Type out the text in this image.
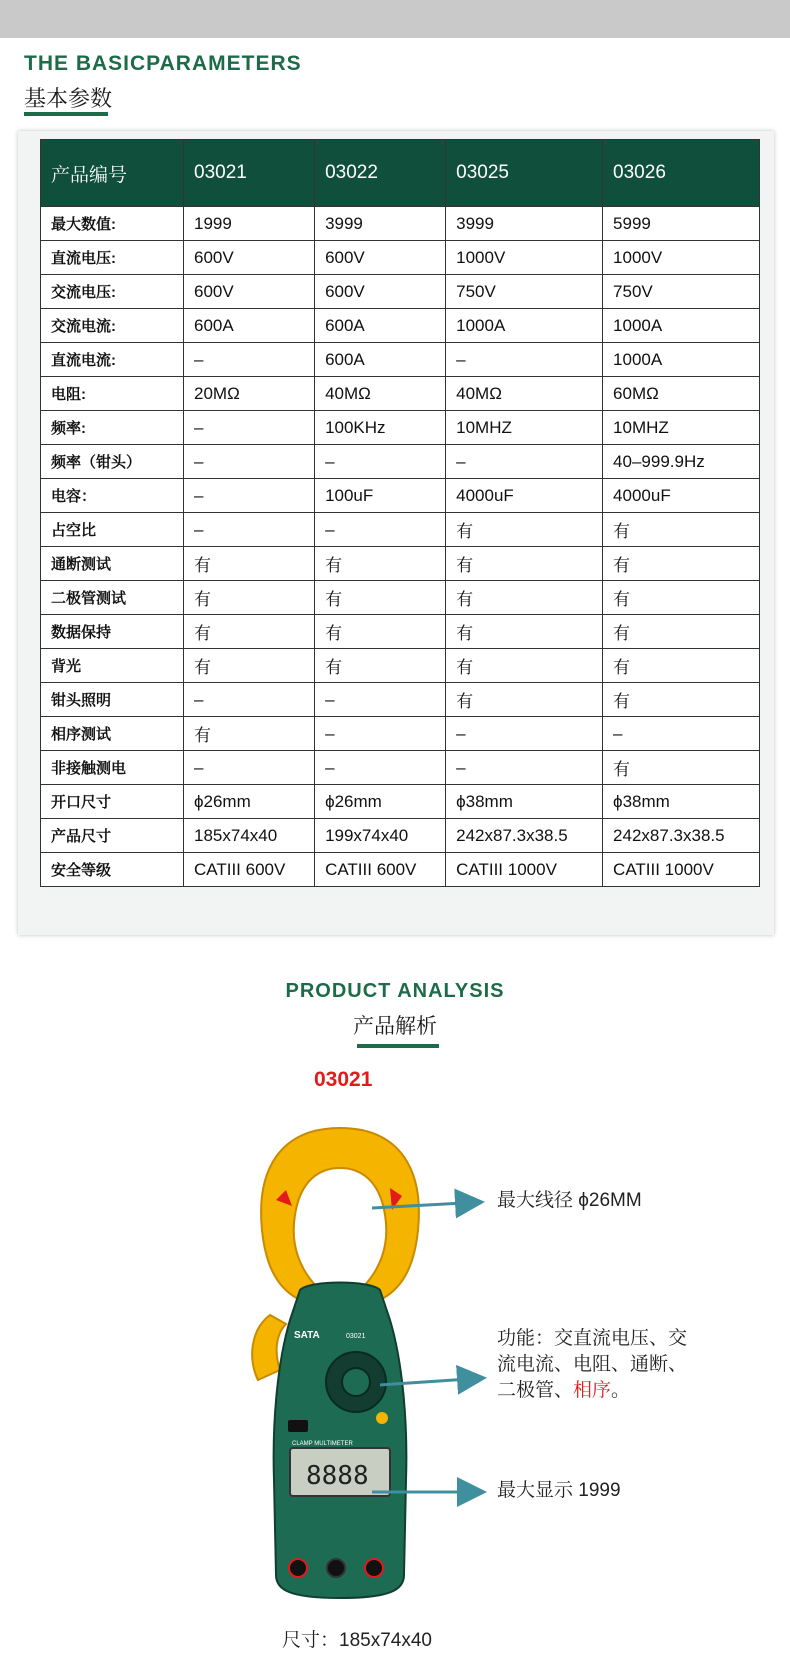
THE BASICPARAMETERS
基本参数
产品编号	03021	03022	03025	03026
最大数值:	1999	3999	3999	5999
直流电压:	600V	600V	1000V	1000V
交流电压:	600V	600V	750V	750V
交流电流:	600A	600A	1000A	1000A
直流电流:	–	600A	–	1000A
电阻:	20MΩ	40MΩ	40MΩ	60MΩ
频率:	–	100KHz	10MHZ	10MHZ
频率（钳头）	–	–	–	40–999.9Hz
电容：	–	100uF	4000uF	4000uF
占空比	–	–	有	有
通断测试	有	有	有	有
二极管测试	有	有	有	有
数据保持	有	有	有	有
背光	有	有	有	有
钳头照明	–	–	有	有
相序测试	有	–	–	–
非接触测电	–	–	–	有
开口尺寸	ϕ26mm	ϕ26mm	ϕ38mm	ϕ38mm
产品尺寸	185x74x40	199x74x40	242x87.3x38.5	242x87.3x38.5
安全等级	CATIII 600V	CATIII 600V	CATIII 1000V	CATIII 1000V
PRODUCT ANALYSIS
产品解析
03021
SATA	03021
CLAMP MULTIMETER
8888
最大线径 ϕ26MM
功能：交直流电压、交流电流、电阻、通断、二极管、相序。
最大显示 1999
尺寸：185x74x40
